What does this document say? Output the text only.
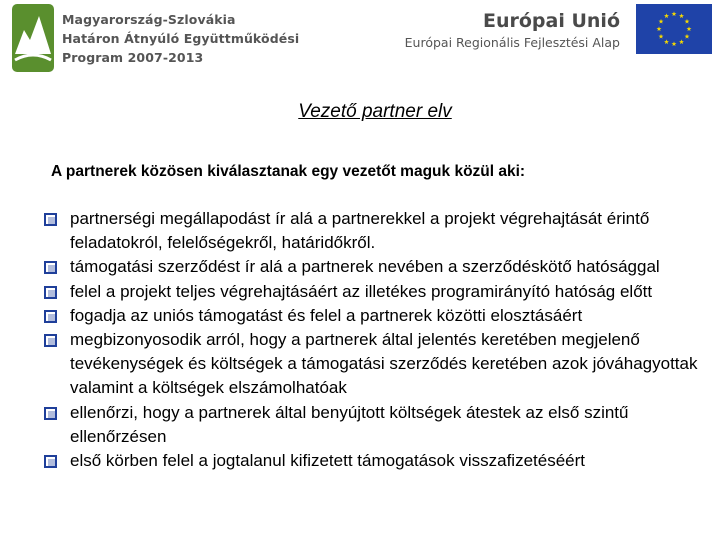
Magyarország-Szlovákia
Határon Átnyúló Együttműködési
Program 2007-2013
Európai Unió
Európai Regionális Fejlesztési Alap
Vezető partner elv
A partnerek közösen kiválasztanak egy vezetőt maguk közül aki:
partnerségi megállapodást ír alá a partnerekkel a projekt végrehajtását érintő feladatokról, felelőségekről, határidőkről.
támogatási szerződést ír alá a partnerek nevében a szerződéskötő hatósággal
felel a projekt teljes végrehajtásáért az illetékes programirányító hatóság előtt
fogadja az uniós támogatást és felel a partnerek közötti elosztásáért
megbizonyosodik arról, hogy a partnerek által jelentés keretében megjelenő tevékenységek és költségek a támogatási szerződés keretében azok jóváhagyottak valamint a költségek elszámolhatóak
ellenőrzi, hogy a partnerek által benyújtott költségek átestek az első szintű ellenőrzésen
első körben felel a jogtalanul kifizetett támogatások visszafizetéséért
